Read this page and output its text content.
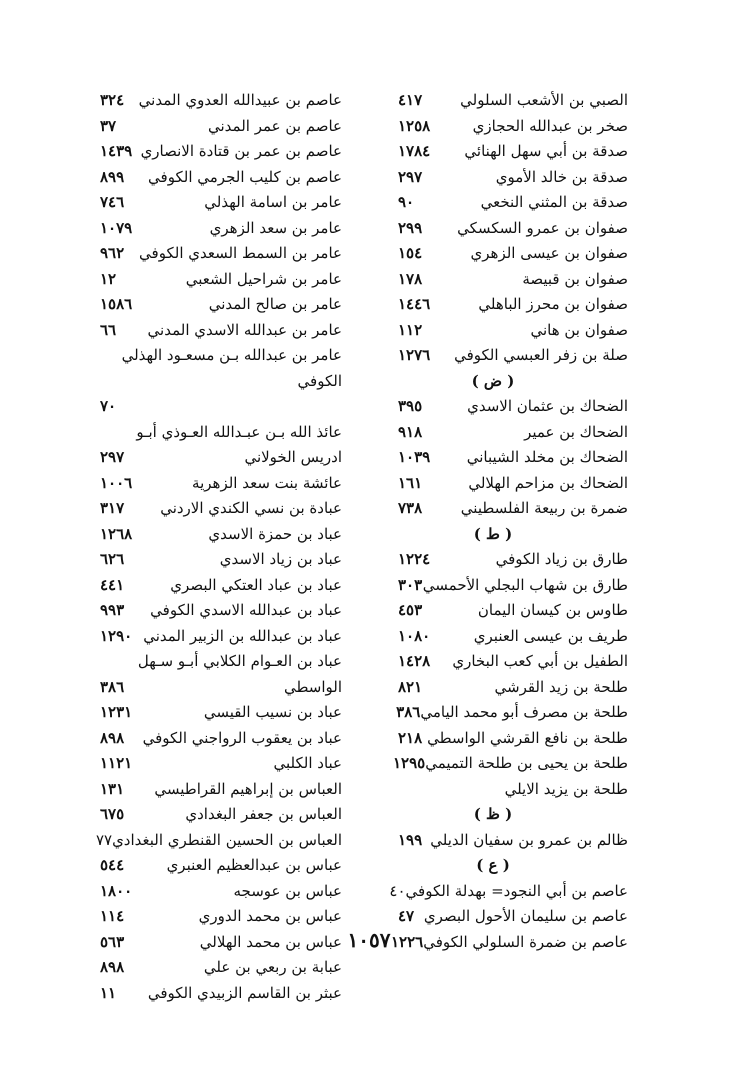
الصبي بن الأشعب السلولي
٤١٧
صخر بن عبدالله الحجازي
١٢٥٨
صدقة بن أبي سهل الهنائي
١٧٨٤
صدقة بن خالد الأموي
٢٩٧
صدقة بن المثني النخعي
٩٠
صفوان بن عمرو السكسكي
٢٩٩
صفوان بن عيسى الزهري
١٥٤
صفوان بن قبيصة
١٧٨
صفوان بن محرز الباهلي
١٤٤٦
صفوان بن هاني
١١٢
صلة بن زفر العبسي الكوفي
١٢٧٦
( ض )
الضحاك بن عثمان الاسدي
٣٩٥
الضحاك بن عمير
٩١٨
الضحاك بن مخلد الشيباني
١٠٣٩
الضحاك بن مزاحم الهلالي
١٦١
ضمرة بن ربيعة الفلسطيني
٧٣٨
( ط )
طارق بن زياد الكوفي
١٢٢٤
طارق بن شهاب البجلي الأحمسي
٣٠٣
طاوس بن كيسان اليمان
٤٥٣
طريف بن عيسى العنبري
١٠٨٠
الطفيل بن أبي كعب البخاري
١٤٢٨
طلحة بن زيد القرشي
٨٢١
طلحة بن مصرف أبو محمد اليامي
٣٨٦
طلحة بن نافع القرشي الواسطي
٢١٨
طلحة بن يحيى بن طلحة التميمي
١٢٩٥
طلحة بن يزيد الايلي
( ظ )
ظالم بن عمرو بن سفيان الديلي
١٩٩
( ع )
عاصم بن أبي النجود= بهدلة الكوفي٤٠
عاصم بن سليمان الأحول البصري
٤٧
عاصم بن ضمرة السلولي الكوفي
١٢٢٦
عاصم بن عبيدالله العدوي المدني
٣٢٤
عاصم بن عمر المدني
٣٧
عاصم بن عمر بن قتادة الانصاري
١٤٣٩
عاصم بن كليب الجرمي الكوفي
٨٩٩
عامر بن اسامة الهذلي
٧٤٦
عامر بن سعد الزهري
١٠٧٩
عامر بن السمط السعدي الكوفي
٩٦٢
عامر بن شراحيل الشعبي
١٢
عامر بن صالح المدني
١٥٨٦
عامر بن عبدالله الاسدي المدني
٦٦
عامر بن عبدالله بـن مسعـود الهذلي
الكوفي
٧٠
عائذ الله بـن عبـدالله العـوذي أبـو
ادريس الخولاني
٢٩٧
عائشة بنت سعد الزهرية
١٠٠٦
عبادة بن نسي الكندي الاردني
٣١٧
عباد بن حمزة الاسدي
١٢٦٨
عباد بن زياد الاسدي
٦٢٦
عباد بن عباد العتكي البصري
٤٤١
عباد بن عبدالله الاسدي الكوفي
٩٩٣
عباد بن عبدالله بن الزبير المدني
١٢٩٠
عباد بن العـوام الكلابي أبـو سـهل
الواسطي
٣٨٦
عباد بن نسيب القيسي
١٢٣١
عباد بن يعقوب الرواجني الكوفي
٨٩٨
عباد الكلبي
١١٢١
العباس بن إبراهيم القراطيسي
١٣١
العباس بن جعفر البغدادي
٦٧٥
العباس بن الحسين القنطري البغدادي٧٧
عباس بن عبدالعظيم العنبري
٥٤٤
عباس بن عوسجه
١٨٠٠
عباس بن محمد الدوري
١١٤
عباس بن محمد الهلالي
٥٦٣
عبابة بن ربعي بن علي
٨٩٨
عبثر بن القاسم الزبيدي الكوفي
١١
١٠٥٧
